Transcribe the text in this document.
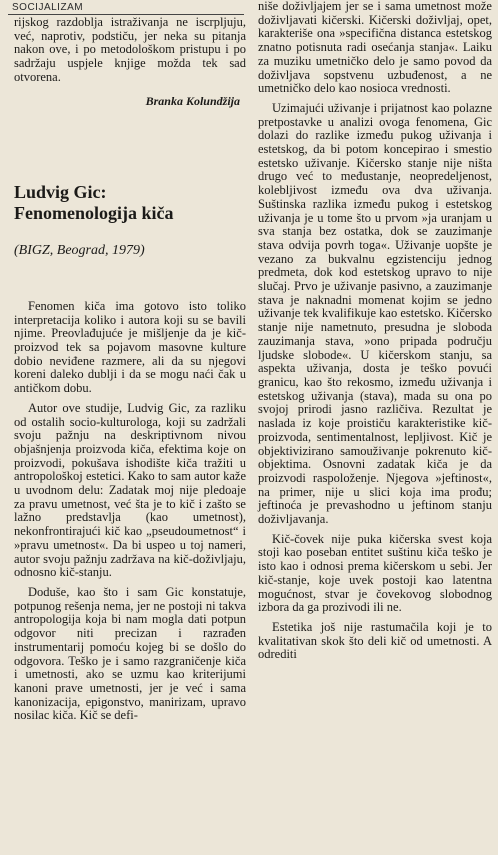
SOCIJALIZAM

rijskog razdoblja istraživanja ne iscrpljuju, već, naprotiv, podstiču, jer neka su pitanja nakon ove, i po metodološkom pristupu i po sadržaju uspjele knjige možda tek sad otvorena.

Branka Kolundžija

Ludvig Gic:
Fenomenologija kiča
(BIGZ, Beograd, 1979)

Fenomen kiča ima gotovo isto toliko interpretacija koliko i autora koji su se bavili njime. Preovlađujuće je mišljenje da je kič-proizvod tek sa pojavom masovne kulture dobio neviđene razmere, ali da su njegovi koreni daleko dublji i da se mogu naći čak u antičkom dobu.

Autor ove studije, Ludvig Gic, za razliku od ostalih socio-kulturologa, koji su zadržali svoju pažnju na deskriptivnom nivou objašnjenja proizvoda kiča, efektima koje on proizvodi, pokušava ishodište kiča tražiti u antropološkoj estetici. Kako to sam autor kaže u uvodnom delu: Zadatak moj nije pledoaje za pravu umetnost, već šta je to kič i zašto se lažno predstavlja (kao umetnost), nekonfrontirajući kič kao „pseudoumetnost“ i »pravu umetnost«. Da bi uspeo u toj nameri, autor svoju pažnju zadržava na kič-doživljaju, odnosno kič-stanju.

Doduše, kao što i sam Gic konstatuje, potpunog rešenja nema, jer ne postoji ni takva antropologija koja bi nam mogla dati potpun odgovor niti precizan i razrađen instrumentarij pomoću kojeg bi se došlo do odgovora. Teško je i samo razgraničenje kiča i umetnosti, ako se uzmu kao kriterijumi kanoni prave umetnosti, jer je već i sama kanonizacija, epigonstvo, manirizam, upravo nosilac kiča. Kič se defi-

niše doživljajem jer se i sama umetnost može doživljavati kičerski. Kičerski doživljaj, opet, karakteriše ona »specifična distanca estetskog znatno potisnuta radi osećanja stanja«. Laiku za muziku umetničko delo je samo povod da doživljava sopstvenu uzbuđenost, a ne umetničko delo kao nosioca vrednosti.

Uzimajući uživanje i prijatnost kao polazne pretpostavke u analizi ovoga fenomena, Gic dolazi do razlike između pukog uživanja i estetskog, da bi potom koncepirao i smestio estetsko uživanje. Kičersko stanje nije ništa drugo već to međustanje, neopredeljenost, kolebljivost između ova dva uživanja. Suštinska razlika između pukog i estetskog uživanja je u tome što u prvom »ja uranjam u sva stanja bez ostatka, dok se zauzimanje stava odvija povrh toga«. Uživanje uopšte je vezano za bukvalnu egzistenciju jednog predmeta, dok kod estetskog upravo to nije slučaj. Prvo je uživanje pasivno, a zauzimanje stava je naknadni momenat kojim se jedno uživanje tek kvalifikuje kao estetsko. Kičersko stanje nije nametnuto, presudna je sloboda zauzimanja stava, »ono pripada području ljudske slobode«. U kičerskom stanju, sa aspekta uživanja, dosta je teško povući granicu, kao što rekosmo, između uživanja i estetskog uživanja (stava), mada su ona po svojoj prirodi jasno različiva. Rezultat je naslada iz koje proističu karakteristike kič-proizvoda, sentimentalnost, lepljivost. Kič je objektivizirano samouživanje pokrenuto kič-objektima. Osnovni zadatak kiča je da proizvodi raspoloženje. Njegova »jeftinost«, na primer, nije u slici koja ima prođu; jeftinoća je prevashodno u jeftinom stanju doživljavanja.

Kič-čovek nije puka kičerska svest koja stoji kao poseban entitet suštinu kiča teško je isto kao i odnosi prema kičerskom u sebi. Jer kič-stanje, koje uvek postoji kao latentna mogućnost, stvar je čovekovog slobodnog izbora da ga prozivodi ili ne.

Estetika još nije rastumačila koji je to kvalitativan skok što deli kič od umetnosti. A odrediti
